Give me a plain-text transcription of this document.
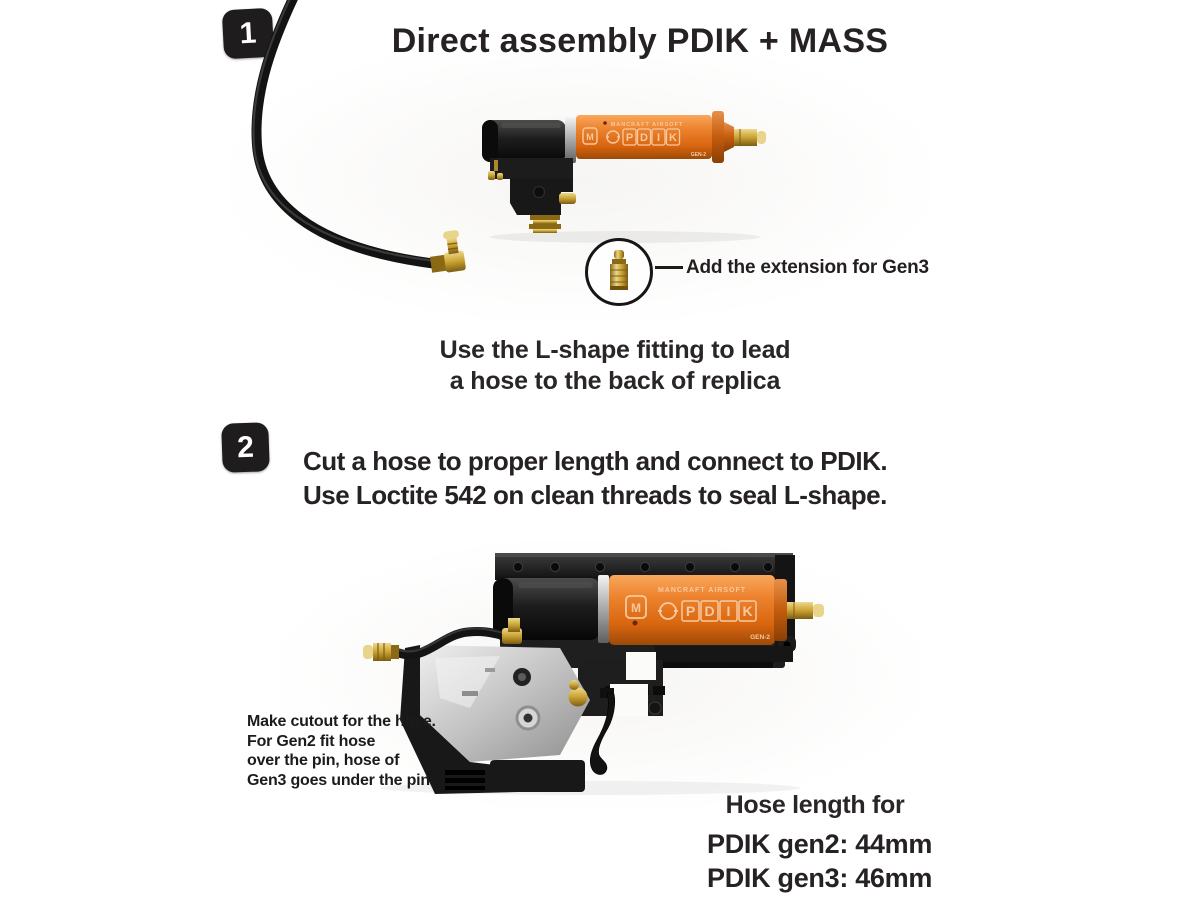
1	Direct assembly PDIK + MASS
MANCRAFT AIRSOFT
M	P D I K
GEN-2
Add the extension for Gen3
Use the L-shape fitting to lead
a hose to the back of replica
2 Cut a hose to proper length and connect to PDIK.
Use Loctite 542 on clean threads to seal L-shape.
MANCRAFT AIRSOFT
M	P D I K
GEN-2
Make cutout for the hose.
For Gen2 fit hose
over the pin, hose of
Gen3 goes under the pin.
Hose length for
PDIK gen2: 44mm
PDIK gen3: 46mm
